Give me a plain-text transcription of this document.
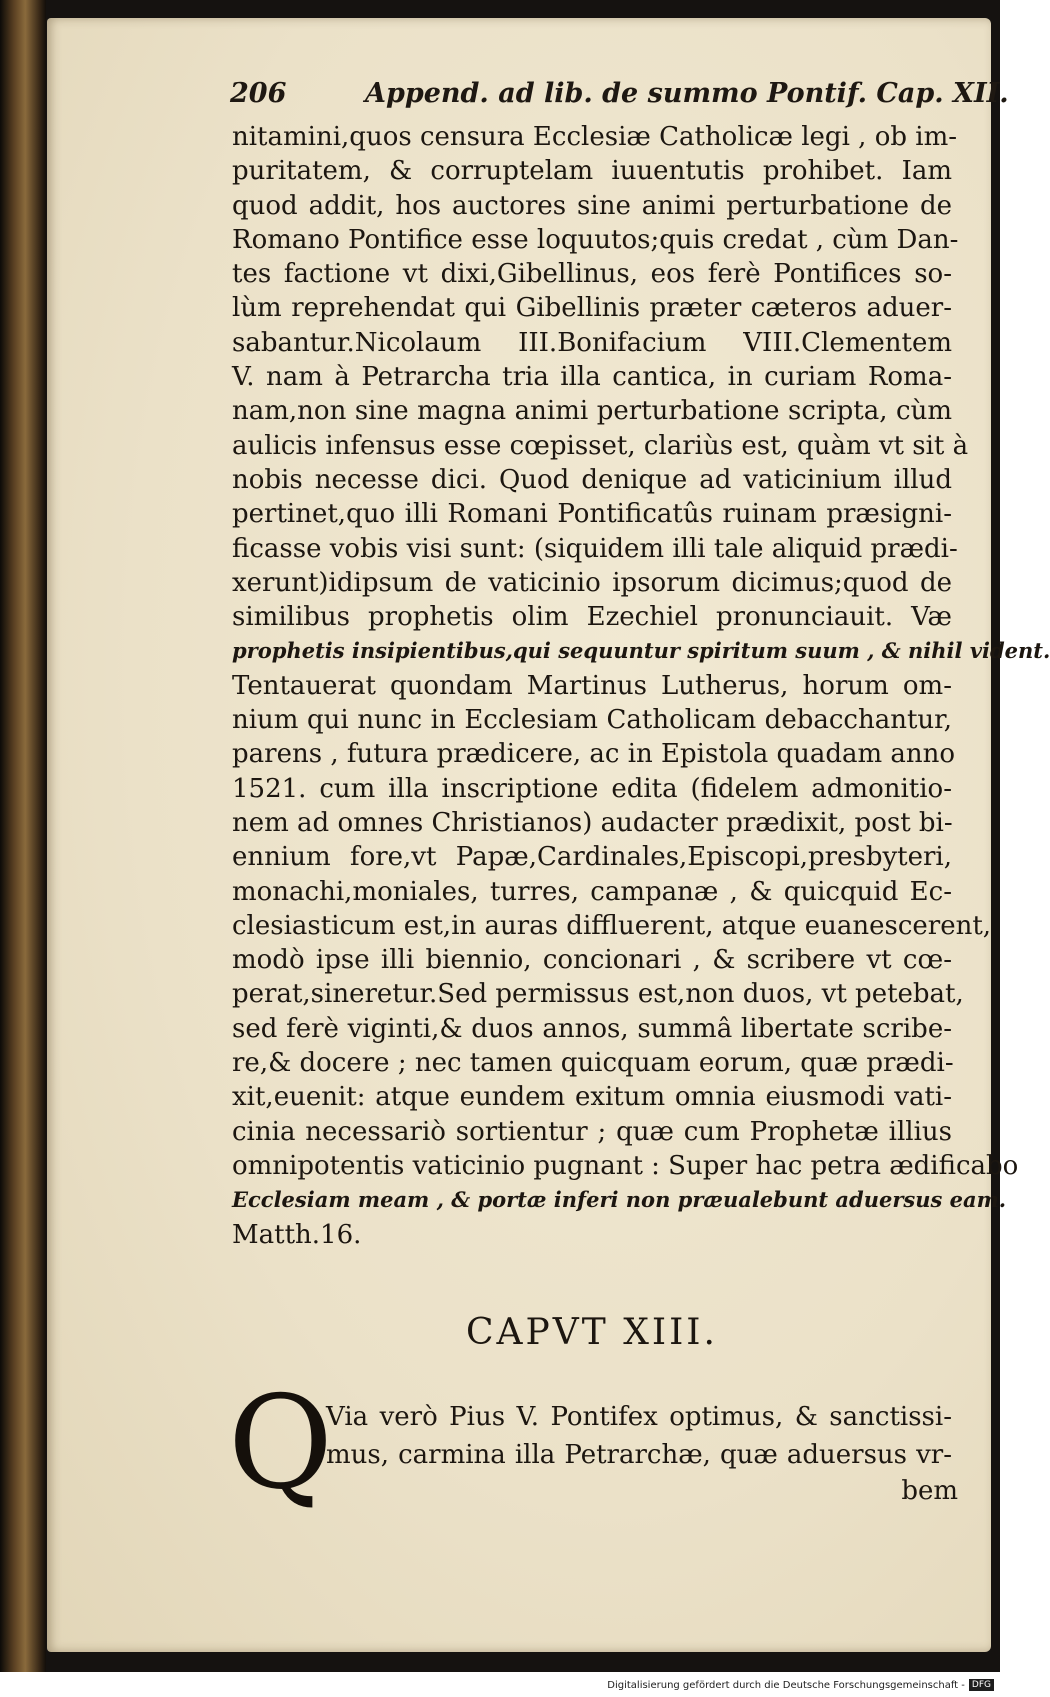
206	Append. ad lib. de summo Pontif. Cap. XII.
nitamini,quos censura Ecclesiæ Catholicæ legi , ob im-
puritatem, & corruptelam iuuentutis prohibet. Iam
quod addit, hos auctores sine animi perturbatione de
Romano Pontifice esse loquutos;quis credat , cùm Dan-
tes factione vt dixi,Gibellinus, eos ferè Pontifices so-
lùm reprehendat qui Gibellinis præter cæteros aduer-
sabantur.Nicolaum III.Bonifacium VIII.Clementem
V. nam à Petrarcha tria illa cantica, in curiam Roma-
nam,non sine magna animi perturbatione scripta, cùm
aulicis infensus esse cœpisset, clariùs est, quàm vt sit à
nobis necesse dici. Quod denique ad vaticinium illud
pertinet,quo illi Romani Pontificatûs ruinam præsigni-
ficasse vobis visi sunt: (siquidem illi tale aliquid prædi-
xerunt)idipsum de vaticinio ipsorum dicimus;quod de
similibus prophetis olim Ezechiel pronunciauit. Væ
prophetis insipientibus,qui sequuntur spiritum suum , & nihil vident.
Tentauerat quondam Martinus Lutherus, horum om-
nium qui nunc in Ecclesiam Catholicam debacchantur,
parens , futura prædicere, ac in Epistola quadam anno
1521. cum illa inscriptione edita (fidelem admonitio-
nem ad omnes Christianos) audacter prædixit, post bi-
ennium fore,vt Papæ,Cardinales,Episcopi,presbyteri,
monachi,moniales, turres, campanæ , & quicquid Ec-
clesiasticum est,in auras diffluerent, atque euanescerent,
modò ipse illi biennio, concionari , & scribere vt cœ-
perat,sineretur.Sed permissus est,non duos, vt petebat,
sed ferè viginti,& duos annos, summâ libertate scribe-
re,& docere ; nec tamen quicquam eorum, quæ prædi-
xit,euenit: atque eundem exitum omnia eiusmodi vati-
cinia necessariò sortientur ; quæ cum Prophetæ illius
omnipotentis vaticinio pugnant : Super hac petra ædificabo
Ecclesiam meam , & portæ inferi non præualebunt aduersus eam.
Matth.16.
CAPVT XIII.
Q
Via verò Pius V. Pontifex optimus, & sanctissi-
mus, carmina illa Petrarchæ, quæ aduersus vr-
bem
Digitalisierung gefördert durch die Deutsche Forschungsgemeinschaft - DFG
